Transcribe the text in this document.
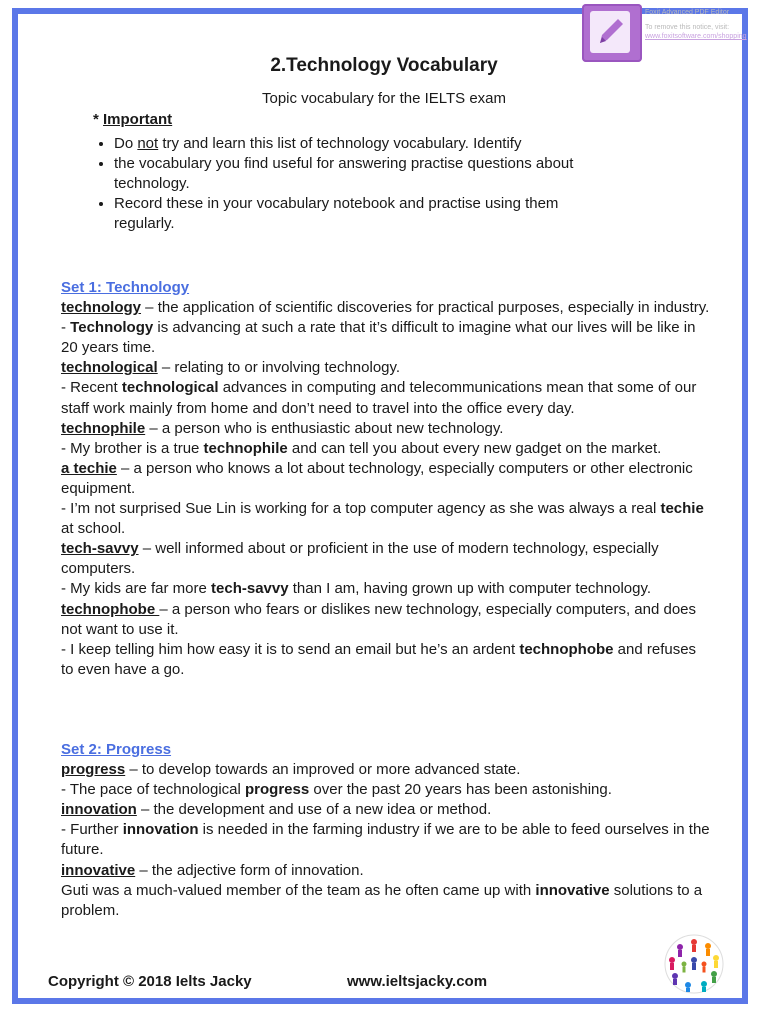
Foxit Advanced PDF Editor
To remove this notice, visit:
www.foxitsoftware.com/shopping
2.Technology Vocabulary
Topic vocabulary for the IELTS exam
* Important
• Do not try and learn this list of technology vocabulary. Identify
• the vocabulary you find useful for answering practise questions about technology.
• Record these in your vocabulary notebook and practise using them regularly.
Set 1: Technology
technology – the application of scientific discoveries for practical purposes, especially in industry.
- Technology is advancing at such a rate that it’s difficult to imagine what our lives will be like in 20 years time.
technological – relating to or involving technology.
- Recent technological advances in computing and telecommunications mean that some of our staff work mainly from home and don’t need to travel into the office every day.
technophile – a person who is enthusiastic about new technology.
- My brother is a true technophile and can tell you about every new gadget on the market.
a techie – a person who knows a lot about technology, especially computers or other electronic equipment.
- I’m not surprised Sue Lin is working for a top computer agency as she was always a real techie at school.
tech-savvy – well informed about or proficient in the use of modern technology, especially computers.
- My kids are far more tech-savvy than I am, having grown up with computer technology.
technophobe – a person who fears or dislikes new technology, especially computers, and does not want to use it.
- I keep telling him how easy it is to send an email but he’s an ardent technophobe and refuses to even have a go.
Set 2: Progress
progress – to develop towards an improved or more advanced state.
- The pace of technological progress over the past 20 years has been astonishing.
innovation – the development and use of a new idea or method.
- Further innovation is needed in the farming industry if we are to be able to feed ourselves in the future.
innovative – the adjective form of innovation.
Guti was a much-valued member of the team as he often came up with innovative solutions to a problem.
Copyright © 2018 Ielts Jacky	www.ieltsjacky.com
